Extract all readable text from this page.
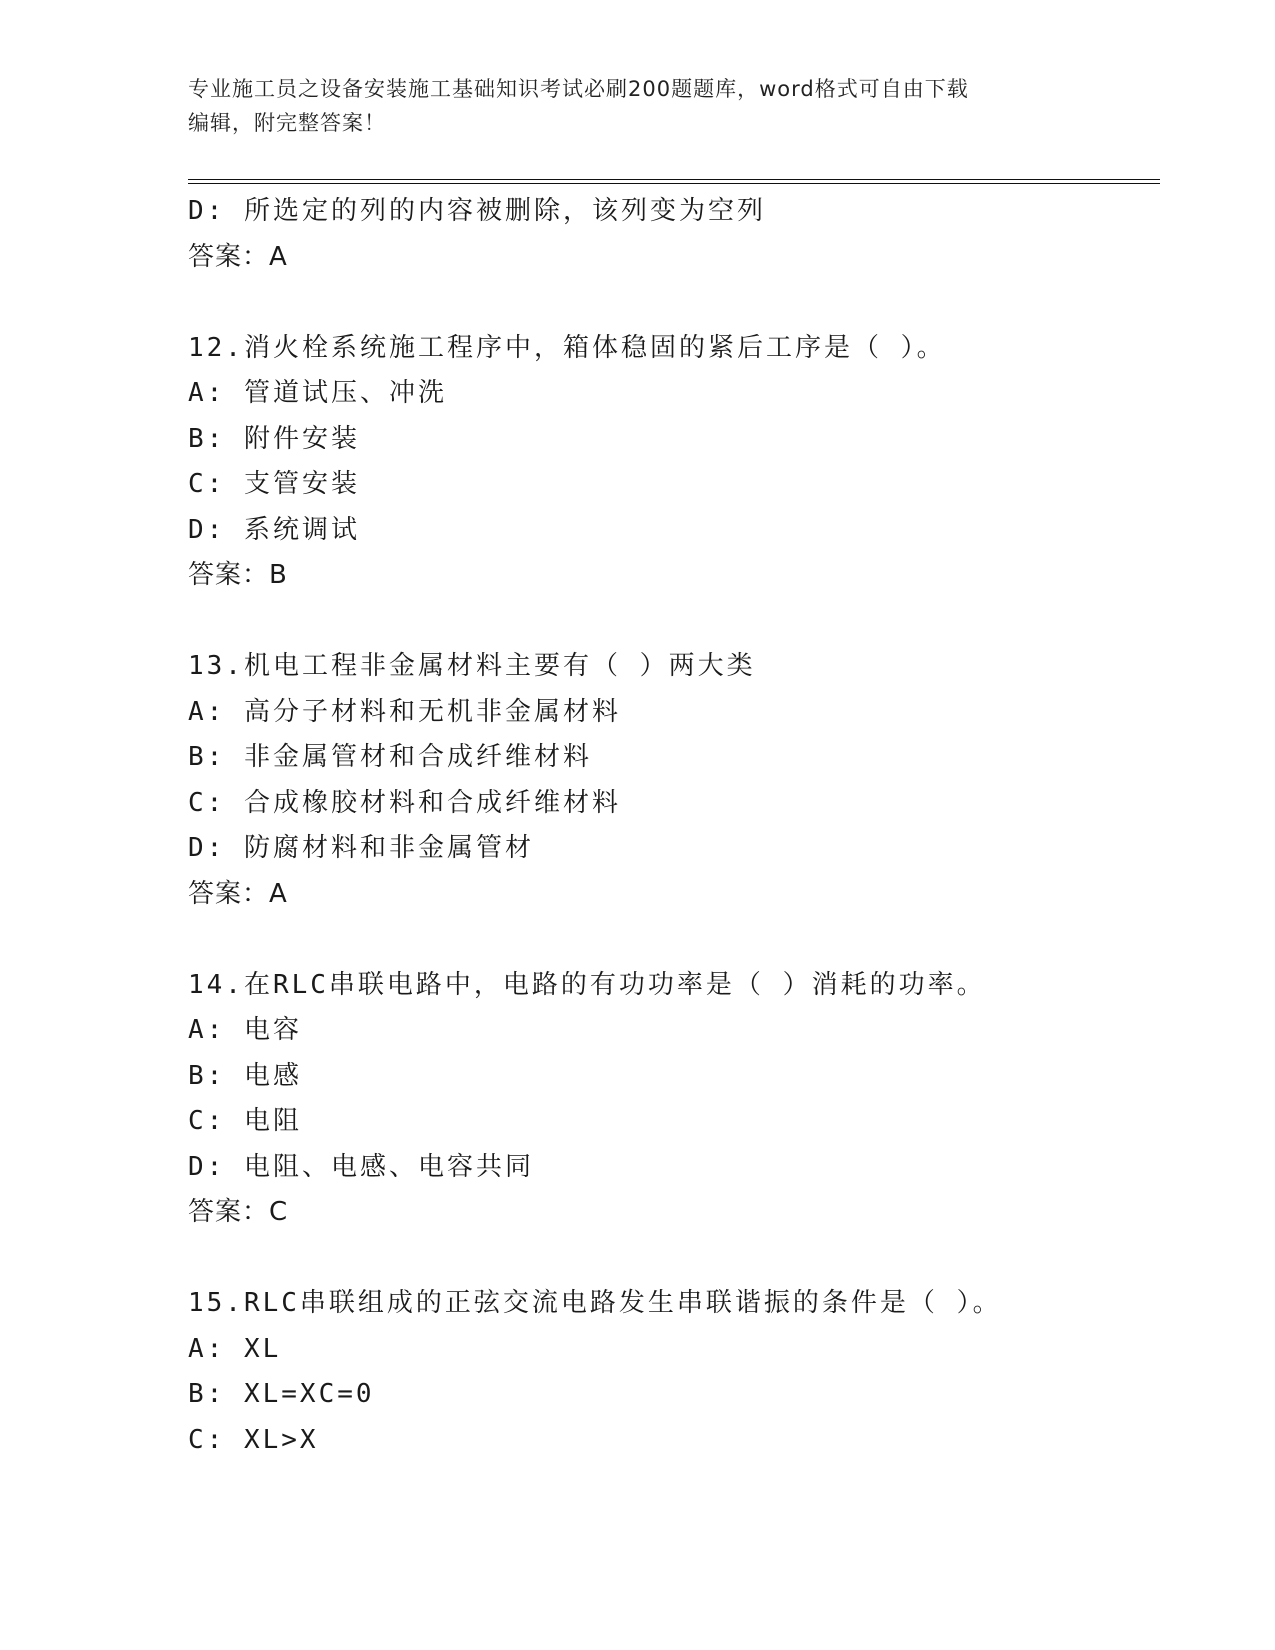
专业施工员之设备安装施工基础知识考试必刷200题题库，word格式可自由下载
编辑，附完整答案！
D: 所选定的列的内容被删除，该列变为空列
答案：A
12.消火栓系统施工程序中，箱体稳固的紧后工序是（ ）。
A: 管道试压、冲洗
B: 附件安装
C: 支管安装
D: 系统调试
答案：B
13.机电工程非金属材料主要有（ ）两大类
A: 高分子材料和无机非金属材料
B: 非金属管材和合成纤维材料
C: 合成橡胶材料和合成纤维材料
D: 防腐材料和非金属管材
答案：A
14.在RLC串联电路中，电路的有功功率是（ ）消耗的功率。
A: 电容
B: 电感
C: 电阻
D: 电阻、电感、电容共同
答案：C
15.RLC串联组成的正弦交流电路发生串联谐振的条件是（ ）。
A: XL
B: XL=XC=0
C: XL>X
